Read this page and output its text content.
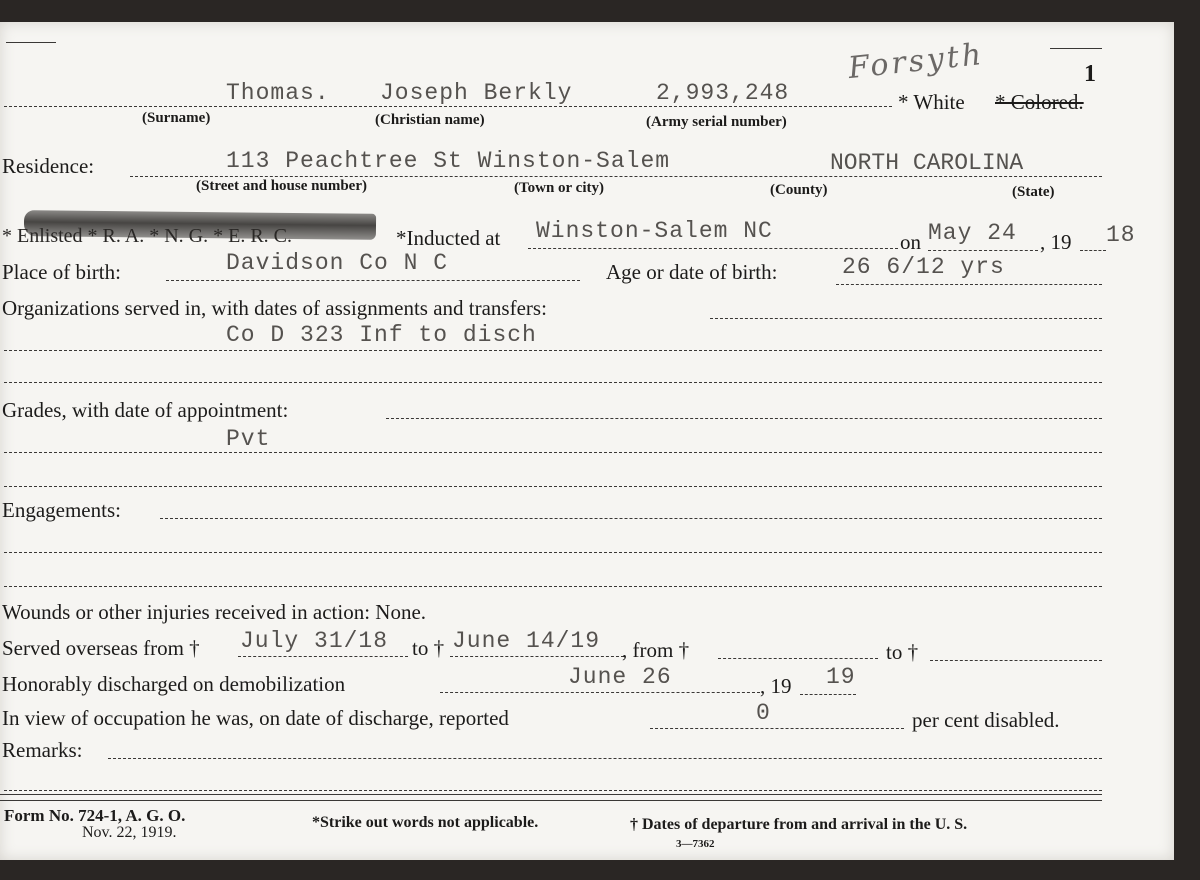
1
Forsyth
Thomas. Joseph Berkly	2,993,248	* White * Colored.
(Surname)	(Christian name)	(Army serial number)
Residence:	113 Peachtree St Winston-Salem	NORTH CAROLINA
(Street and house number)	(Town or city)	(County)	(State)
* Enlisted * R. A. * N. G. * E. R. C.	*Inducted at Winston-Salem NC	on May 24 , 19 18
Place of birth:	Davidson Co N C	Age or date of birth:	26 6/12 yrs
Organizations served in, with dates of assignments and transfers:
Co D 323 Inf to disch
Grades, with date of appointment:
Pvt
Engagements:
Wounds or other injuries received in action: None.
Served overseas from † July 31/18 to † June 14/19 , from †	to †
Honorably discharged on demobilization	June 26	, 19 19
In view of occupation he was, on date of discharge, reported	0	per cent disabled.
Remarks:
Form No. 724-1, A. G. O.
Nov. 22, 1919.
*Strike out words not applicable.	† Dates of departure from and arrival in the U. S.
3—7362
